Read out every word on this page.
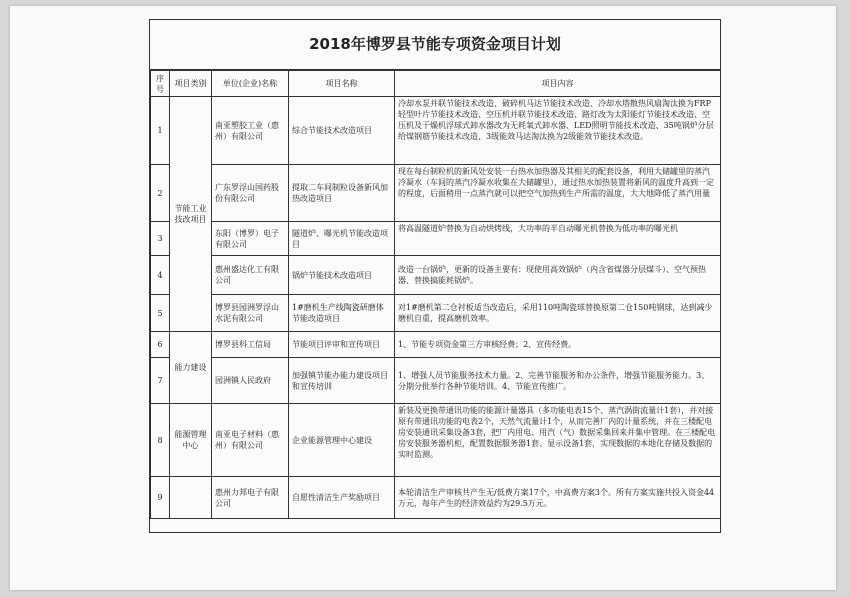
2018年博罗县节能专项资金项目计划
序号	项目类别	单位(企业)名称	项目名称	项目内容
1	节能工业技改项目	南亚塑胶工业（惠州）有限公司	综合节能技术改造项目	冷却水泵并联节能技术改造、破碎机马达节能技术改造、冷却水塔散热风扇淘汰换为FRP轻型叶片节能技术改造、空压机并联节能技术改造、路灯改为太阳能灯节能技术改造、空压机及干燥机浮球式卸水器改为无耗氧式卸水器、LED照明节能技术改造、35吨锅炉分层给煤钢筋节能技术改造、3级能效马达淘汰换为2级能效节能技术改造。
2		广东罗浮山国药股份有限公司	提取二车间制粒设备新风加热改造项目	现在每台制粒机的新风处安装一台热水加热器及其相关的配套设备，利用大储罐里的蒸汽冷凝水（车间的蒸汽冷凝水收集在大储罐里），通过热水加热装置将新风的温度升高到一定的程度，后面稍用一点蒸汽就可以把空气加热到生产所需的温度，大大地降低了蒸汽用量
3		东阳（博罗）电子有限公司	隧道炉、曝光机节能改造项目	将高温隧道炉替换为自动烘烤线，大功率的半自动曝光机替换为低功率的曝光机
4		惠州盛达化工有限公司	锅炉节能技术改造项目	改造一台锅炉，更新的设备主要有：现使用高效锅炉（内含省煤器分层煤斗）、空气预热器、替换搞能耗锅炉。
5		博罗县园洲罗浮山水泥有限公司	1#磨机生产线陶瓷研磨体节能改造项目	对1#磨机第二仓衬板适当改造后，采用110吨陶瓷球替换原第二仓150吨钢球，达到减少磨机自重，提高磨机效率。
6	能力建设	博罗县科工信局	节能项目评审和宣传项目	1、节能专项资金第三方审核经费；2、宣传经费。
7		园洲镇人民政府	加强镇节能办能力建设项目和宣传培训	1、增强人员节能服务技术力量。2、完善节能服务和办公条件，增强节能服务能力。3、分期分批举行各种节能培训。4、节能宣传推广。
8	能源管理中心	南亚电子材料（惠州）有限公司	企业能源管理中心建设	新装及更换带通讯功能的能源计量器具（多功能电表15个、蒸汽涡街流量计1套），并对接原有带通讯功能的电表2个，天然气流量计1个，从而完善厂内的计量系统，并在三楼配电房安装通讯采集设备3套，把厂内用电、用汽（气）数据采集回来并集中管理。在三楼配电房安装服务器机柜，配置数据服务器1套、显示设备1套，实现数据的本地化存储及数据的实时监测。
9		惠州力邦电子有限公司	自愿性清洁生产奖励项目	本轮清洁生产审核共产生无/低费方案17个，中高费方案3个。所有方案实施共投入资金44万元，每年产生的经济效益约为29.5万元。
